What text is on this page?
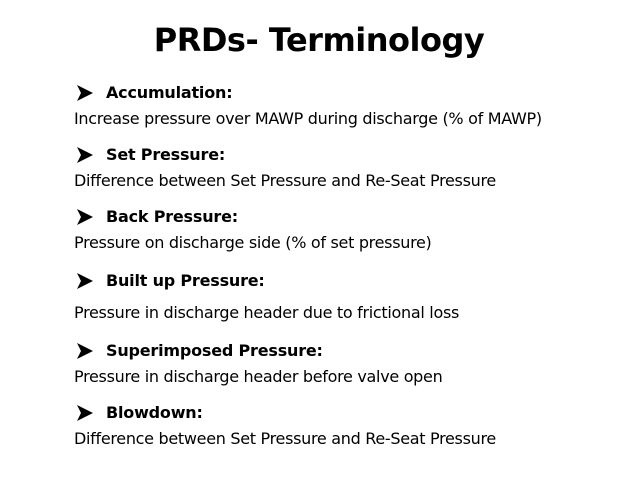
PRDs- Terminology
Accumulation:
Increase pressure over MAWP during discharge (% of MAWP)
Set Pressure:
Difference between Set Pressure and Re-Seat Pressure
Back Pressure:
Pressure on discharge side (% of set pressure)
Built up Pressure:
Pressure in discharge header due to frictional loss
Superimposed Pressure:
Pressure in discharge header before valve open
Blowdown:
Difference between Set Pressure and Re-Seat Pressure
